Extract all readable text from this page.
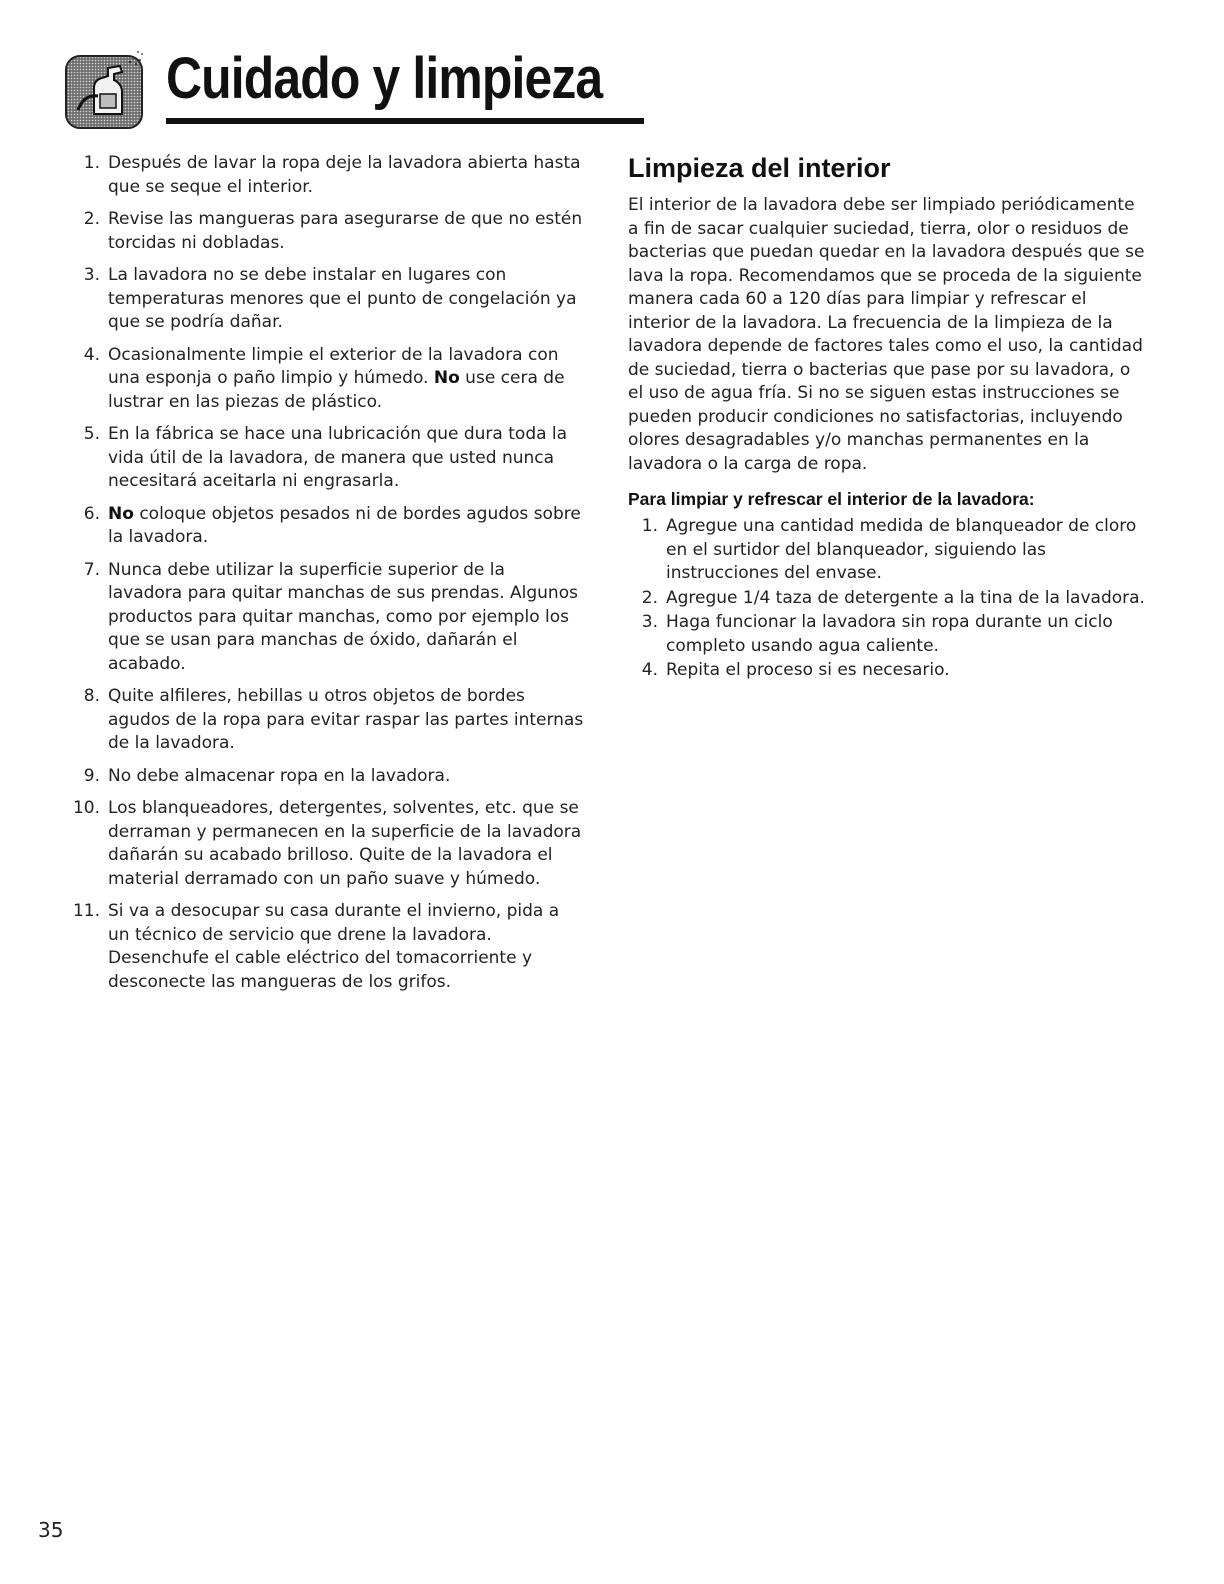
Cuidado y limpieza
1. Después de lavar la ropa deje la lavadora abierta hasta que se seque el interior.
2. Revise las mangueras para asegurarse de que no estén torcidas ni dobladas.
3. La lavadora no se debe instalar en lugares con temperaturas menores que el punto de congelación ya que se podría dañar.
4. Ocasionalmente limpie el exterior de la lavadora con una esponja o paño limpio y húmedo. No use cera de lustrar en las piezas de plástico.
5. En la fábrica se hace una lubricación que dura toda la vida útil de la lavadora, de manera que usted nunca necesitará aceitarla ni engrasarla.
6. No coloque objetos pesados ni de bordes agudos sobre la lavadora.
7. Nunca debe utilizar la superficie superior de la lavadora para quitar manchas de sus prendas. Algunos productos para quitar manchas, como por ejemplo los que se usan para manchas de óxido, dañarán el acabado.
8. Quite alfileres, hebillas u otros objetos de bordes agudos de la ropa para evitar raspar las partes internas de la lavadora.
9. No debe almacenar ropa en la lavadora.
10. Los blanqueadores, detergentes, solventes, etc. que se derraman y permanecen en la superficie de la lavadora dañarán su acabado brilloso. Quite de la lavadora el material derramado con un paño suave y húmedo.
11. Si va a desocupar su casa durante el invierno, pida a un técnico de servicio que drene la lavadora. Desenchufe el cable eléctrico del tomacorriente y desconecte las mangueras de los grifos.
Limpieza del interior

El interior de la lavadora debe ser limpiado periódicamente a fin de sacar cualquier suciedad, tierra, olor o residuos de bacterias que puedan quedar en la lavadora después que se lava la ropa. Recomendamos que se proceda de la siguiente manera cada 60 a 120 días para limpiar y refrescar el interior de la lavadora. La frecuencia de la limpieza de la lavadora depende de factores tales como el uso, la cantidad de suciedad, tierra o bacterias que pase por su lavadora, o el uso de agua fría. Si no se siguen estas instrucciones se pueden producir condiciones no satisfactorias, incluyendo olores desagradables y/o manchas permanentes en la lavadora o la carga de ropa.

Para limpiar y refrescar el interior de la lavadora:
1. Agregue una cantidad medida de blanqueador de cloro en el surtidor del blanqueador, siguiendo las instrucciones del envase.
2. Agregue 1/4 taza de detergente a la tina de la lavadora.
3. Haga funcionar la lavadora sin ropa durante un ciclo completo usando agua caliente.
4. Repita el proceso si es necesario.
35
